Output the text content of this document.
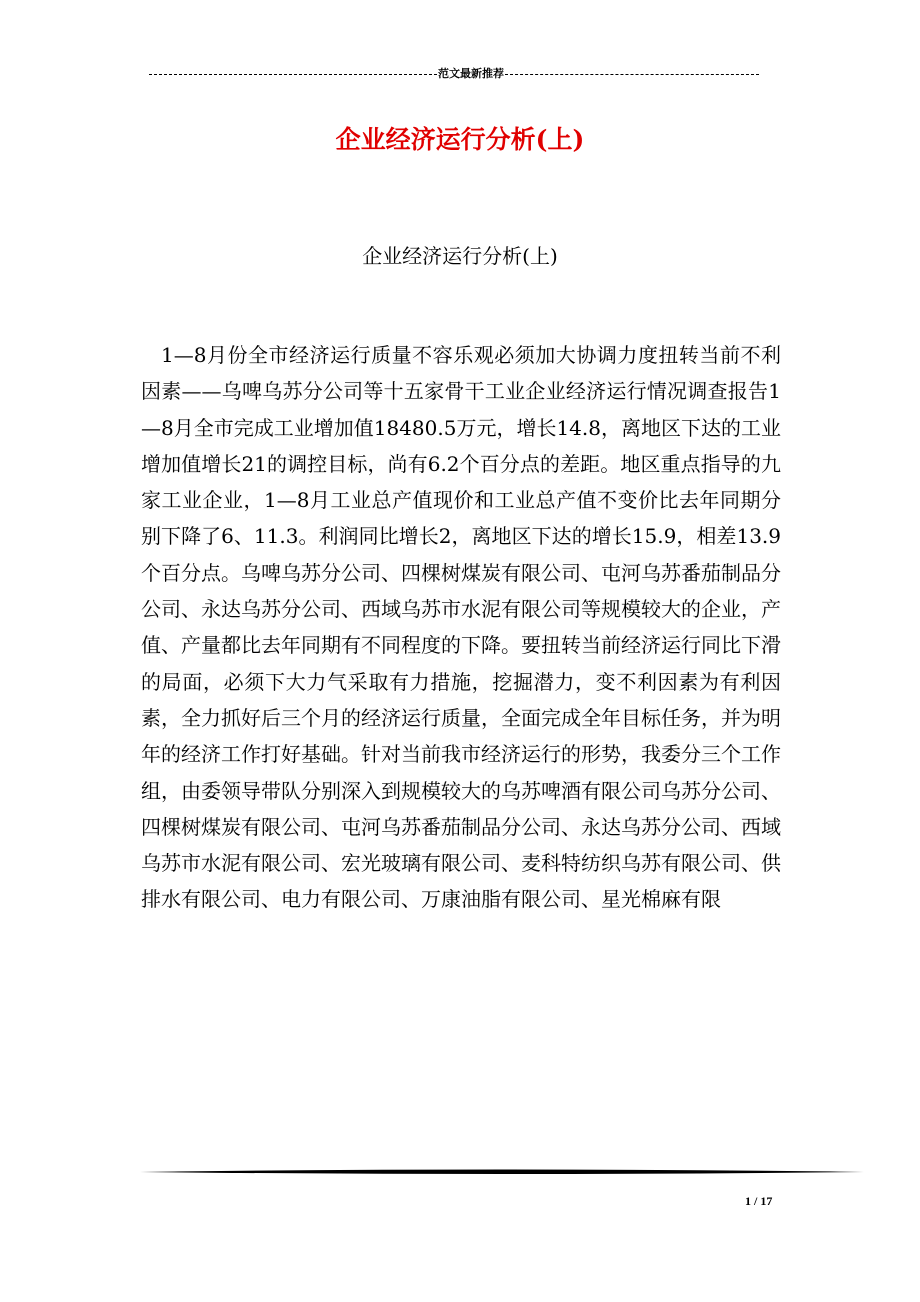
范文最新推荐
企业经济运行分析(上)
企业经济运行分析(上)

1—8月份全市经济运行质量不容乐观必须加大协调力度扭转当前不利因素——乌啤乌苏分公司等十五家骨干工业企业经济运行情况调查报告1—8月全市完成工业增加值18480.5万元，增长14.8，离地区下达的工业增加值增长21的调控目标，尚有6.2个百分点的差距。地区重点指导的九家工业企业，1—8月工业总产值现价和工业总产值不变价比去年同期分别下降了6、11.3。利润同比增长2，离地区下达的增长15.9，相差13.9个百分点。乌啤乌苏分公司、四棵树煤炭有限公司、屯河乌苏番茄制品分公司、永达乌苏分公司、西域乌苏市水泥有限公司等规模较大的企业，产值、产量都比去年同期有不同程度的下降。要扭转当前经济运行同比下滑的局面，必须下大力气采取有力措施，挖掘潜力，变不利因素为有利因素，全力抓好后三个月的经济运行质量，全面完成全年目标任务，并为明年的经济工作打好基础。针对当前我市经济运行的形势，我委分三个工作组，由委领导带队分别深入到规模较大的乌苏啤酒有限公司乌苏分公司、四棵树煤炭有限公司、屯河乌苏番茄制品分公司、永达乌苏分公司、西域乌苏市水泥有限公司、宏光玻璃有限公司、麦科特纺织乌苏有限公司、供排水有限公司、电力有限公司、万康油脂有限公司、星光棉麻有限

1 / 17
